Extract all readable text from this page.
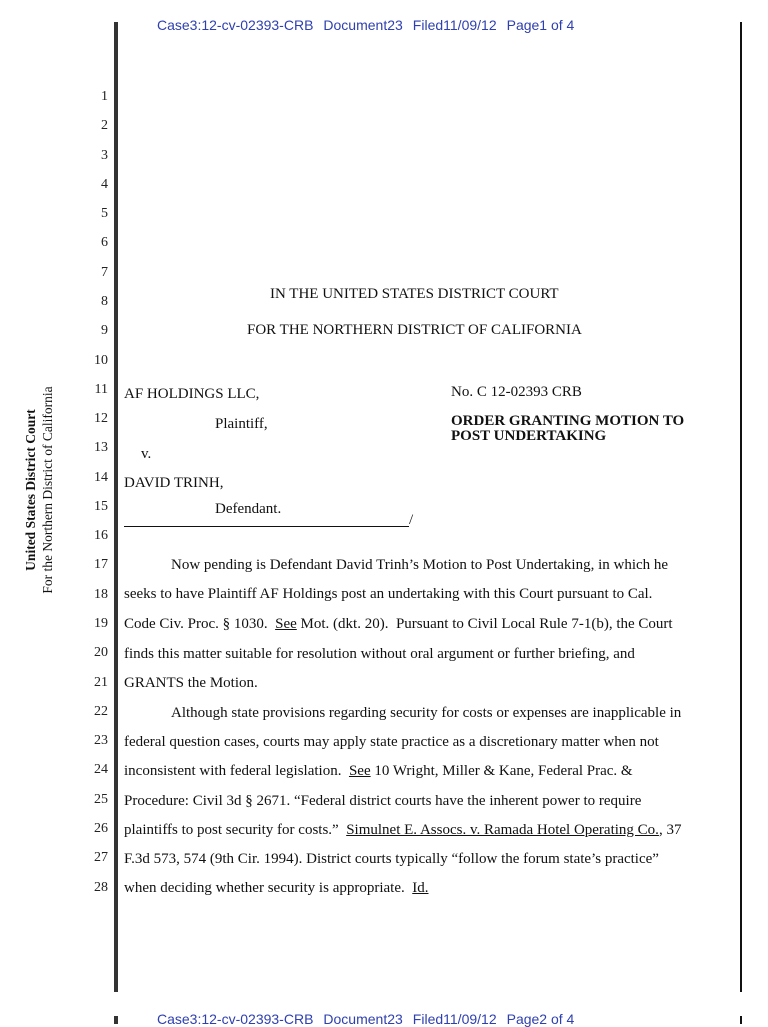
Case3:12-cv-02393-CRB Document23 Filed11/09/12 Page1 of 4
United States District Court For the Northern District of California
1
2
3
4
5
6
7
8
9
10
11
12
13
14
15
16
17
18
19
20
21
22
23
24
25
26
27
28
IN THE UNITED STATES DISTRICT COURT
FOR THE NORTHERN DISTRICT OF CALIFORNIA
AF HOLDINGS LLC,
Plaintiff,
v.
DAVID TRINH,
Defendant.
/
No. C 12-02393 CRB
ORDER GRANTING MOTION TO
POST UNDERTAKING
Now pending is Defendant David Trinh’s Motion to Post Undertaking, in which he
seeks to have Plaintiff AF Holdings post an undertaking with this Court pursuant to Cal.
Code Civ. Proc. § 1030.  See Mot. (dkt. 20).  Pursuant to Civil Local Rule 7-1(b), the Court
finds this matter suitable for resolution without oral argument or further briefing, and
GRANTS the Motion.
Although state provisions regarding security for costs or expenses are inapplicable in
federal question cases, courts may apply state practice as a discretionary matter when not
inconsistent with federal legislation.  See 10 Wright, Miller & Kane, Federal Prac. &
Procedure: Civil 3d § 2671. “Federal district courts have the inherent power to require
plaintiffs to post security for costs.”  Simulnet E. Assocs. v. Ramada Hotel Operating Co., 37
F.3d 573, 574 (9th Cir. 1994). District courts typically “follow the forum state’s practice”
when deciding whether security is appropriate.  Id.
Case3:12-cv-02393-CRB Document23 Filed11/09/12 Page2 of 4
